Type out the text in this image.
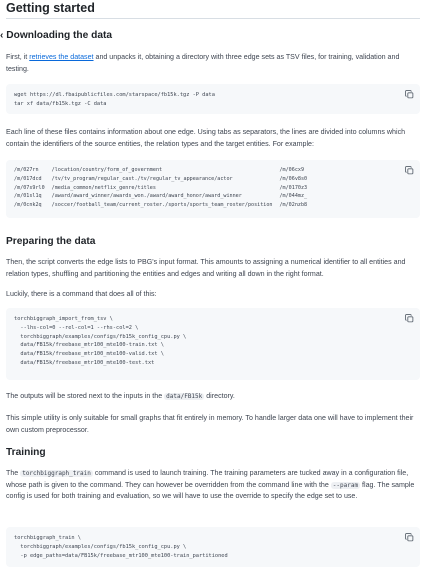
Getting started
‹ Downloading the data

First, it retrieves the dataset and unpacks it, obtaining a directory with three edge sets as TSV files, for training, validation and testing.

wget https://dl.fbaipublicfiles.com/starspace/fb15k.tgz -P data
tar xf data/fb15k.tgz -C data

Each line of these files contains information about one edge. Using tabs as separators, the lines are divided into columns which contain the identifiers of the source entities, the relation types and the target entities. For example:

/m/027rn	/location/country/form_of_government	/m/06cx9
/m/017dcd	/tv/tv_program/regular_cast./tv/regular_tv_appearance/actor	/m/06v8s0
/m/07s9rl0	/media_common/netflix_genre/titles	/m/0170z3
/m/01sl1q	/award/award_winner/awards_won./award/award_honor/award_winner	/m/044mz_
/m/0cnk2q	/soccer/football_team/current_roster./sports/sports_team_roster/position	/m/02nzb8
Preparing the data

Then, the script converts the edge lists to PBG's input format. This amounts to assigning a numerical identifier to all entities and relation types, shuffling and partitioning the entities and edges and writing all down in the right format.

Luckily, there is a command that does all of this:

torchbiggraph_import_from_tsv \
--lhs-col=0 --rel-col=1 --rhs-col=2 \
torchbiggraph/examples/configs/fb15k_config_cpu.py \
data/FB15k/freebase_mtr100_mte100-train.txt \
data/FB15k/freebase_mtr100_mte100-valid.txt \
data/FB15k/freebase_mtr100_mte100-test.txt

The outputs will be stored next to the inputs in the data/FB15k directory.

This simple utility is only suitable for small graphs that fit entirely in memory. To handle larger data one will have to implement their own custom preprocessor.

Training

The torchbiggraph_train command is used to launch training. The training parameters are tucked away in a configuration file, whose path is given to the command. They can however be overridden from the command line with the --param flag. The sample config is used for both training and evaluation, so we will have to use the override to specify the edge set to use.

torchbiggraph_train \
torchbiggraph/examples/configs/fb15k_config_cpu.py \
-p edge_paths=data/FB15k/freebase_mtr100_mte100-train_partitioned
